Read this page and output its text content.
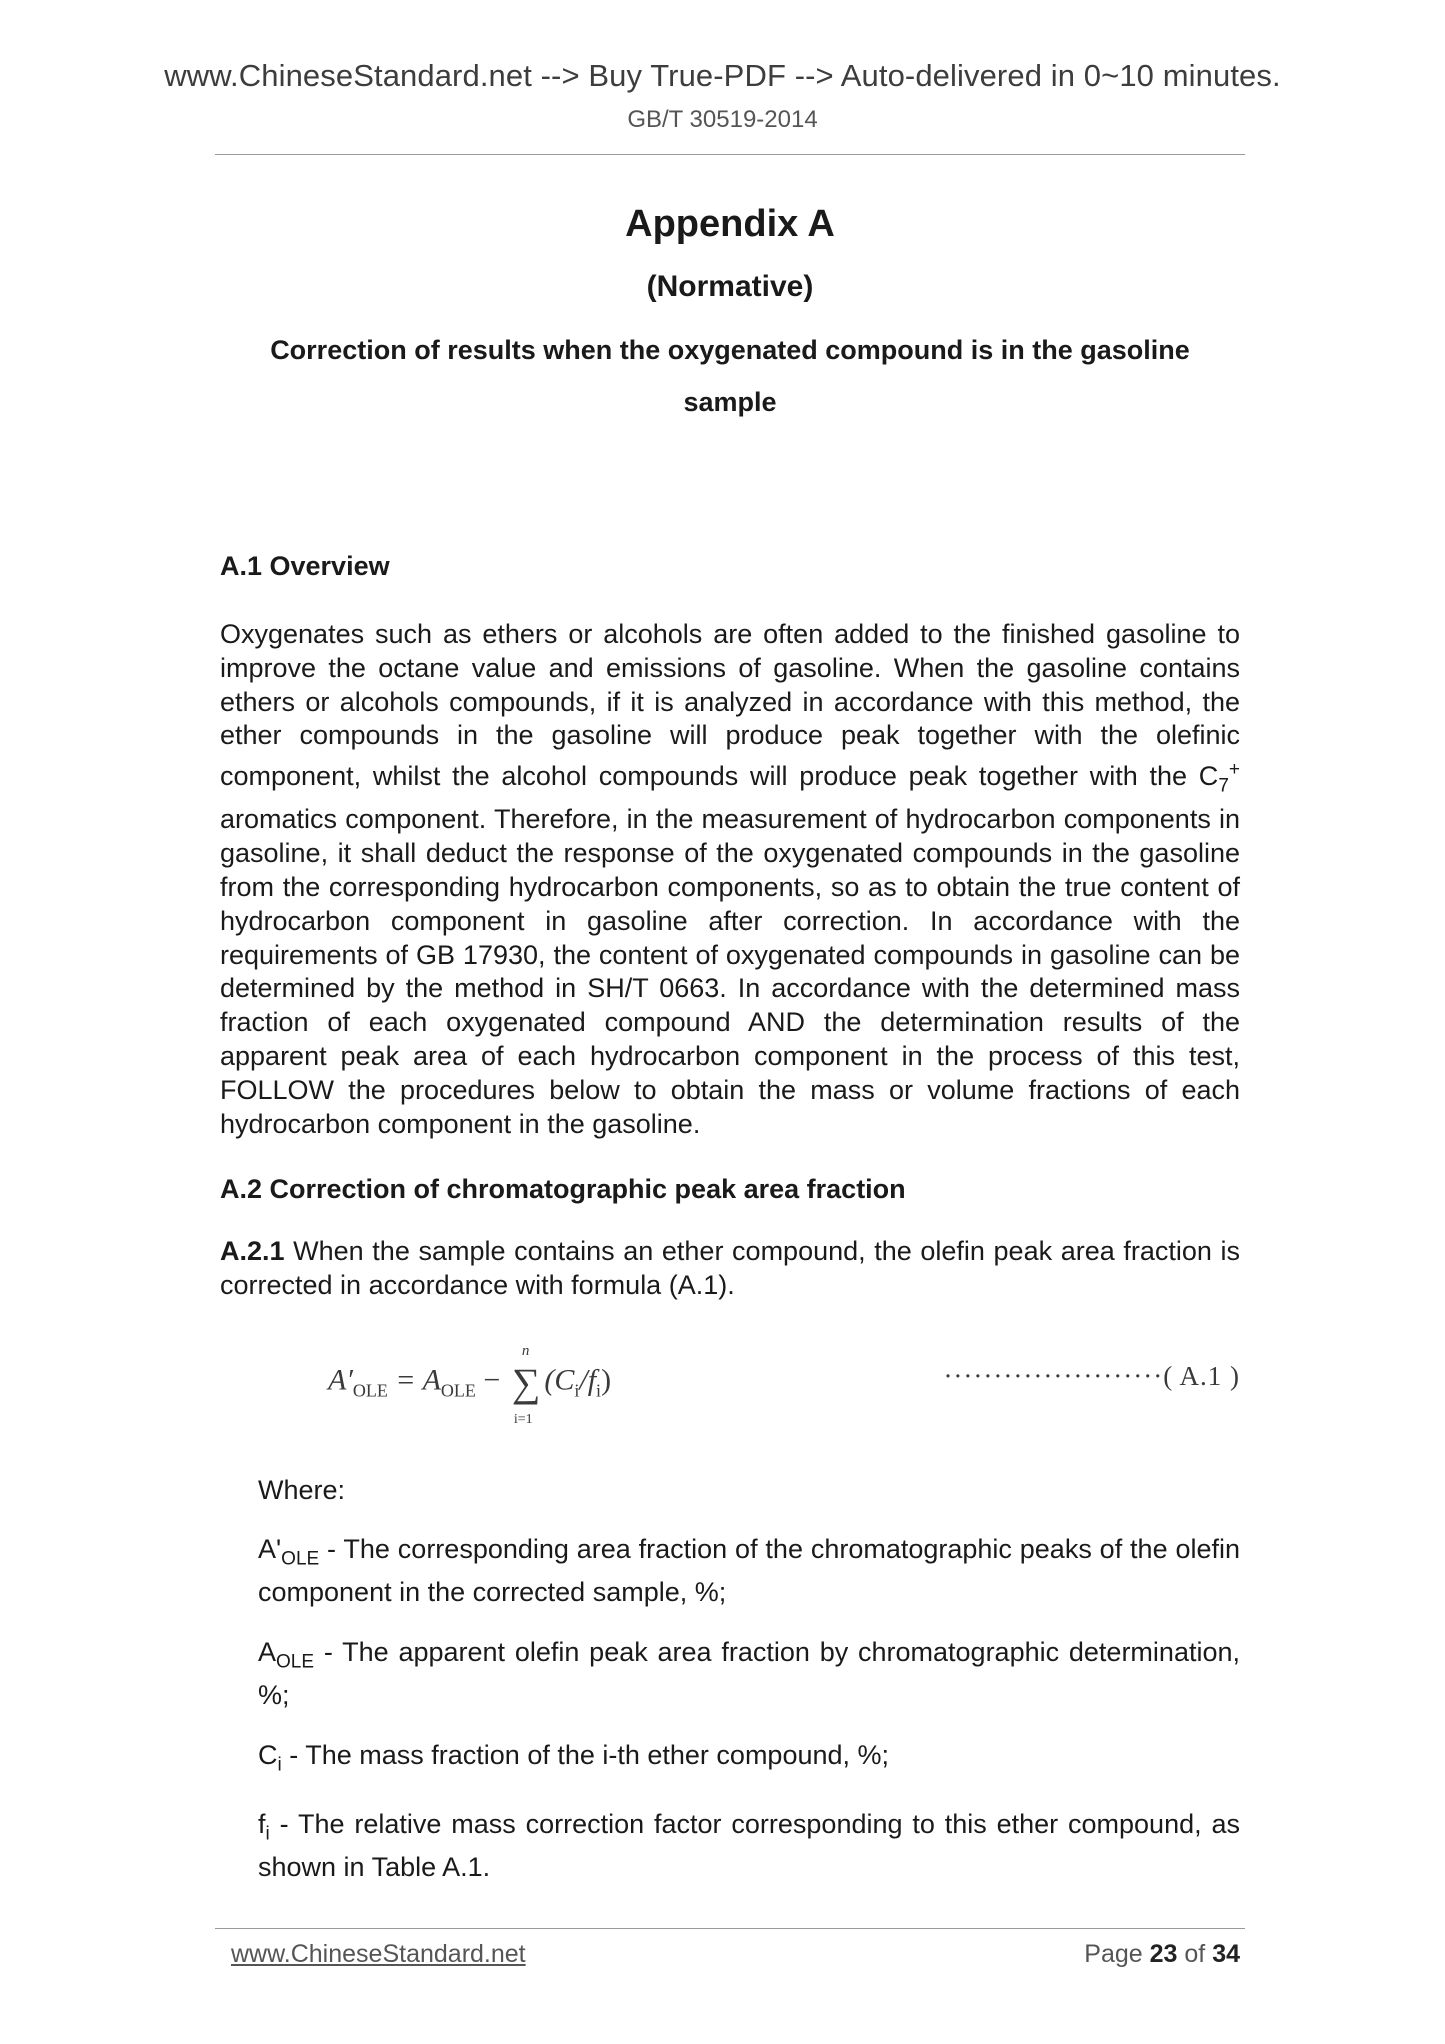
www.ChineseStandard.net --> Buy True-PDF --> Auto-delivered in 0~10 minutes.
GB/T 30519-2014
Appendix A
(Normative)
Correction of results when the oxygenated compound is in the gasoline sample
A.1 Overview

Oxygenates such as ethers or alcohols are often added to the finished gasoline to improve the octane value and emissions of gasoline. When the gasoline contains ethers or alcohols compounds, if it is analyzed in accordance with this method, the ether compounds in the gasoline will produce peak together with the olefinic component, whilst the alcohol compounds will produce peak together with the $C_7^+$ aromatics component. Therefore, in the measurement of hydrocarbon components in gasoline, it shall deduct the response of the oxygenated compounds in the gasoline from the corresponding hydrocarbon components, so as to obtain the true content of hydrocarbon component in gasoline after correction. In accordance with the requirements of GB 17930, the content of oxygenated compounds in gasoline can be determined by the method in SH/T 0663. In accordance with the determined mass fraction of each oxygenated compound AND the determination results of the apparent peak area of each hydrocarbon component in the process of this test, FOLLOW the procedures below to obtain the mass or volume fractions of each hydrocarbon component in the gasoline.

A.2 Correction of chromatographic peak area fraction

A.2.1 When the sample contains an ether compound, the olefin peak area fraction is corrected in accordance with formula (A.1).

$A'_{OLE} = A_{OLE}$ − ∑
n
i=1
$(C_i/f_i)$	······················( A.1 )
Where:

$A'_{OLE}$ - The corresponding area fraction of the chromatographic peaks of the olefin component in the corrected sample, %;

$A_{OLE}$ - The apparent olefin peak area fraction by chromatographic determination, %;

$C_i$ - The mass fraction of the i-th ether compound, %;

$f_i$ - The relative mass correction factor corresponding to this ether compound, as shown in Table A.1.

www.ChineseStandard.net	Page 23 of 34
